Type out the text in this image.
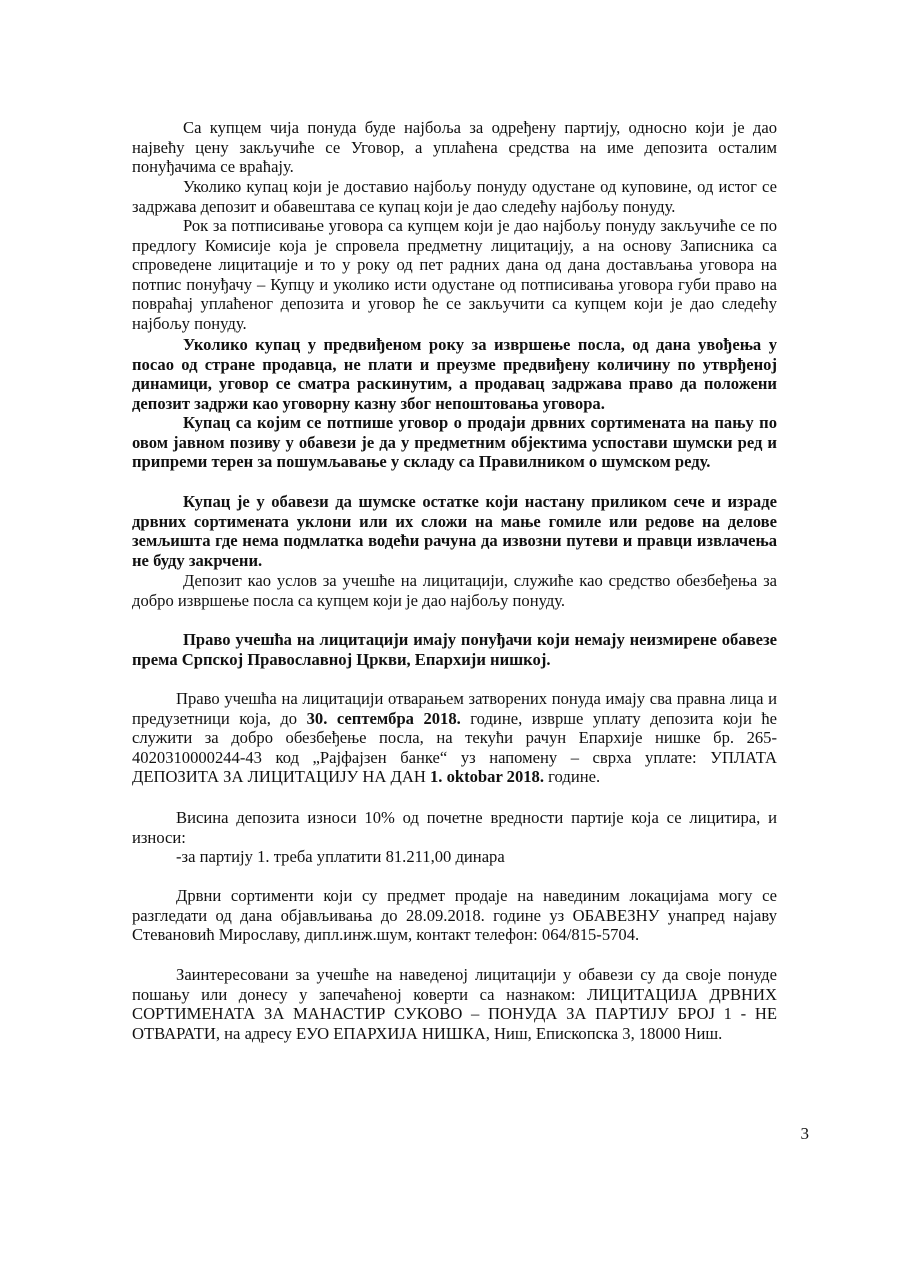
Са купцем чија понуда буде најбоља за одређену партију, односно који је дао највећу цену закључиће се Уговор, а уплаћена средства на име депозита осталим понуђачима се враћају.

Уколико купац који је доставио најбољу понуду одустане од куповине, од истог се задржава депозит и обавештава се купац који је дао следећу најбољу понуду.

Рок за потписивање уговора са купцем који је дао најбољу понуду закључиће се по предлогу Комисије која је спровела предметну лицитацију, а на основу Записника са спроведене лицитације и то у року од пет радних дана од дана достављања уговора на потпис понуђачу – Купцу и уколико исти одустане од потписивања уговора губи право на повраћај уплаћеног депозита и уговор ће се закључити са купцем који је дао следећу најбољу понуду.

Уколико купац у предвиђеном року за извршење посла, од дана увођења у посао од стране продавца, не плати и преузме предвиђену количину по утврђеној динамици, уговор се сматра раскинутим, а продавац задржава право да положени депозит задржи као уговорну казну због непоштовања уговора.

Купац са којим се потпише уговор о продаји дрвних сортимената на пању по овом јавном позиву у обавези је да у предметним објектима успостави шумски ред и припреми терен за пошумљавање у складу са Правилником о шумском реду.

Купац је у обавези да шумске остатке који настану приликом сече и израде дрвних сортимената уклони или их сложи на мање гомиле или редове на делове земљишта где нема подмлатка водећи рачуна да извозни путеви и правци извлачења не буду закрчени.

Депозит као услов за учешће на лицитацији, служиће као средство обезбеђења за добро извршење посла са купцем који је дао најбољу понуду.

Право учешћа на лицитацији имају понуђачи који немају неизмирене обавезе према Српској Православној Цркви, Епархији нишкој.

Право учешћа на лицитацији отварањем затворених понуда имају сва правна лица и предузетници која, до 30. септембра 2018. године, изврше уплату депозита који ће служити за добро обезбеђење посла, на текући рачун Епархије нишке бр. 265-4020310000244-43 код „Рајфајзен банке“ уз напомену – сврха уплате: УПЛАТА ДЕПОЗИТА ЗА ЛИЦИТАЦИЈУ НА ДАН 1. oktobar 2018. године.

Висина депозита износи 10% од почетне вредности партије која се лицитира, и износи:

-за партију 1. треба уплатити 81.211,00 динара

Дрвни сортименти који су предмет продаје на навединим локацијама могу се разгледати од дана објављивања до 28.09.2018. године уз ОБАВЕЗНУ унапред најаву Стевановић Мирославу, дипл.инж.шум, контакт телефон: 064/815-5704.

Заинтересовани за учешће на наведеној лицитацији у обавези су да своје понуде пошању или донесу у запечаћеној коверти са назнаком: ЛИЦИТАЦИЈА ДРВНИХ СОРТИМЕНАТА ЗА МАНАСТИР СУКОВО – ПОНУДА ЗА ПАРТИЈУ БРОЈ 1 - НЕ ОТВАРАТИ, на адресу ЕУО ЕПАРХИЈА НИШКА, Ниш, Епископска 3, 18000 Ниш.

3
